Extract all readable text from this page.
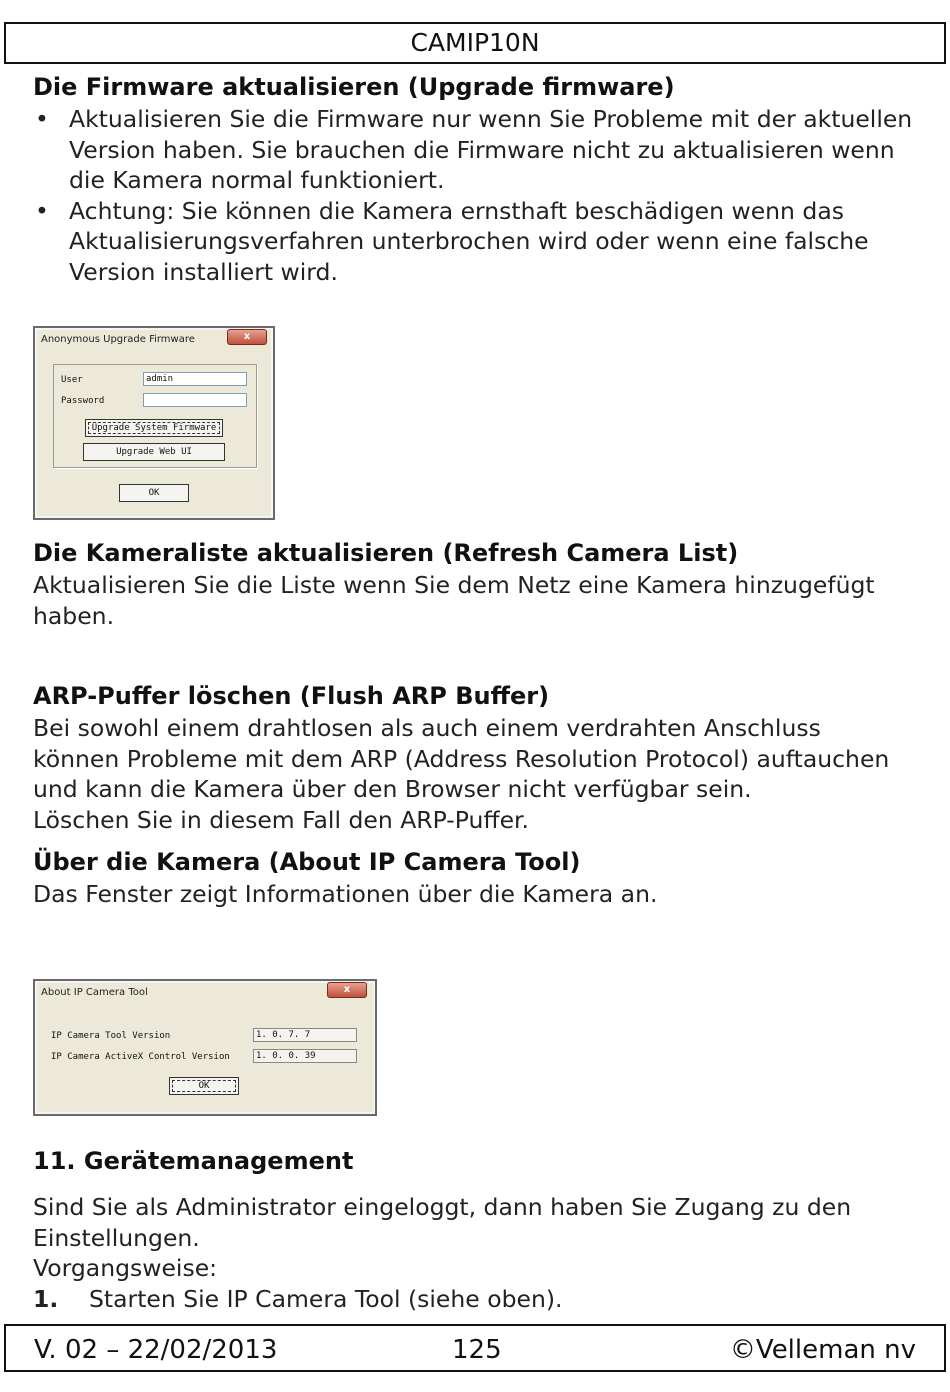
CAMIP10N
Die Firmware aktualisieren (Upgrade firmware)
• Aktualisieren Sie die Firmware nur wenn Sie Probleme mit der aktuellen Version haben. Sie brauchen die Firmware nicht zu aktualisieren wenn die Kamera normal funktioniert.
• Achtung: Sie können die Kamera ernsthaft beschädigen wenn das Aktualisierungsverfahren unterbrochen wird oder wenn eine falsche Version installiert wird.
Anonymous Upgrade Firmware	x
User	admin
Password
Upgrade System Firmware
Upgrade Web UI
OK
Die Kameraliste aktualisieren (Refresh Camera List)

Aktualisieren Sie die Liste wenn Sie dem Netz eine Kamera hinzugefügt haben.

ARP-Puffer löschen (Flush ARP Buffer)

Bei sowohl einem drahtlosen als auch einem verdrahten Anschluss können Probleme mit dem ARP (Address Resolution Protocol) auftauchen und kann die Kamera über den Browser nicht verfügbar sein.

Löschen Sie in diesem Fall den ARP-Puffer.

Über die Kamera (About IP Camera Tool)

Das Fenster zeigt Informationen über die Kamera an.

About IP Camera Tool	x
IP Camera Tool Version	1. 0. 7. 7
IP Camera ActiveX Control Version	1. 0. 0. 39
OK
11. Gerätemanagement

Sind Sie als Administrator eingeloggt, dann haben Sie Zugang zu den Einstellungen.

Vorgangsweise:

1. Starten Sie IP Camera Tool (siehe oben).

V. 02 – 22/02/2013	125	©Velleman nv
